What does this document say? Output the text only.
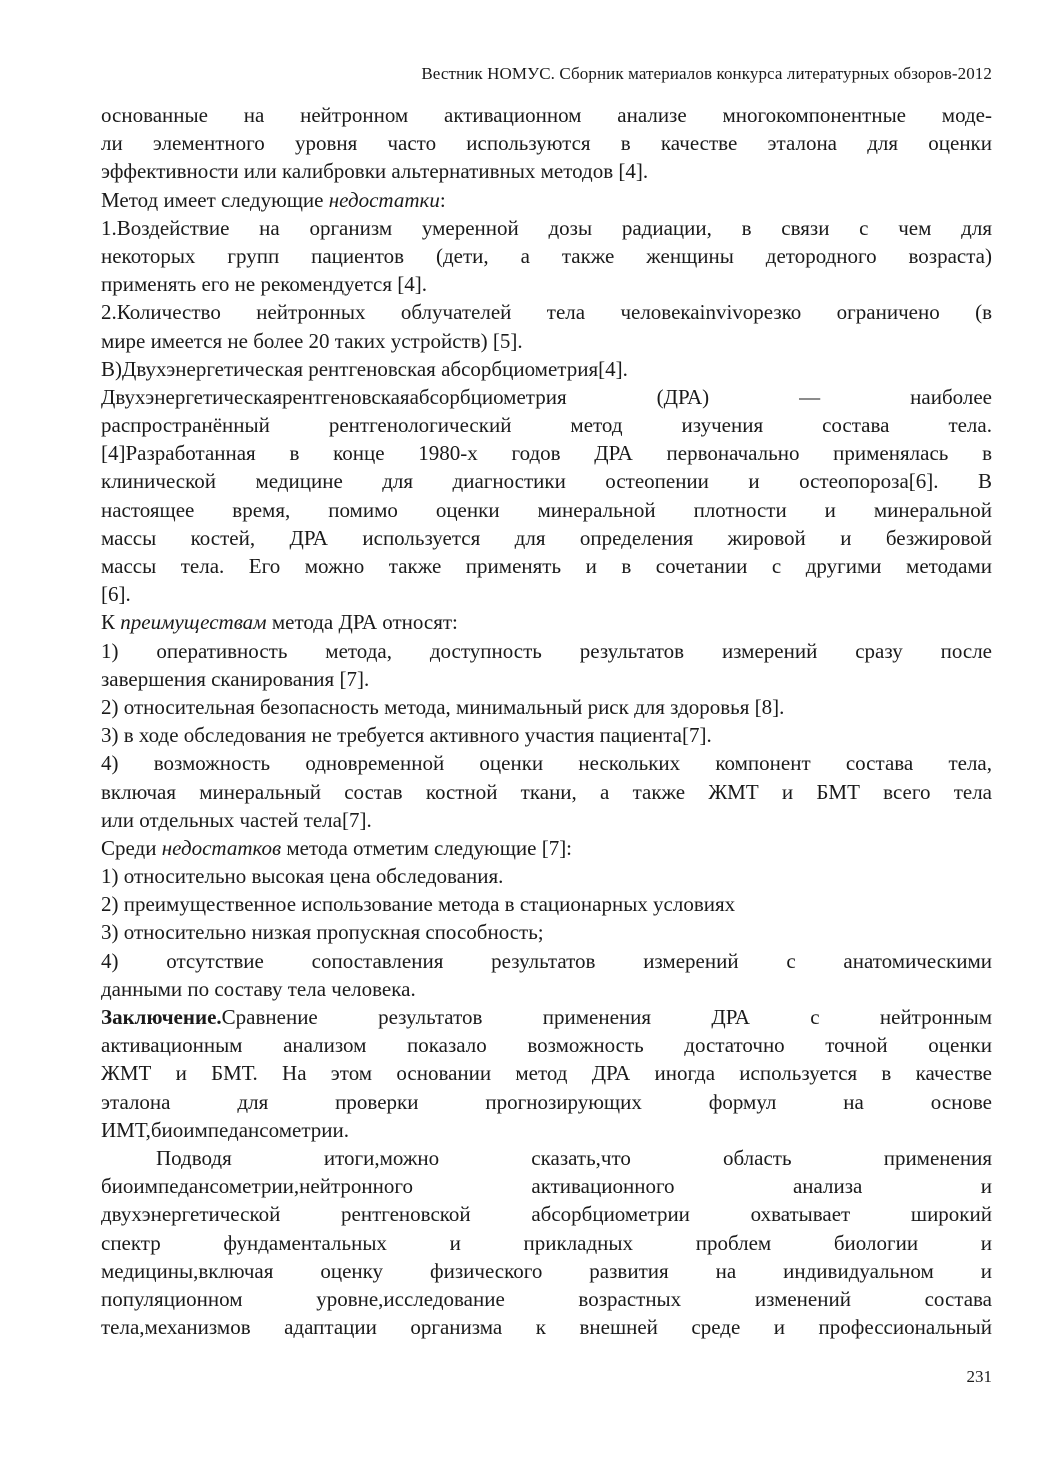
Вестник НОМУС. Сборник материалов конкурса литературных обзоров-2012
основанные на нейтронном активационном анализе многокомпонентные моде-
ли элементного уровня часто используются в качестве эталона для оценки
эффективности или калибровки альтернативных методов [4].
Метод имеет следующие недостатки:
1.Воздействие на организм умеренной дозы радиации, в связи с чем для
некоторых групп пациентов (дети, а также женщины детородного возраста)
применять его не рекомендуется [4].
2.Количество нейтронных облучателей тела человекаinvivoрезко ограничено (в
мире имеется не более 20 таких устройств) [5].
В)Двухэнергетическая рентгеновская абсорбциометрия[4].
Двухэнергетическаярентгеновскаяабсорбциометрия (ДРА) — наиболее
распространённый рентгенологический метод изучения состава тела.
[4]Разработанная в конце 1980-х годов ДРА первоначально применялась в
клинической медицине для диагностики остеопении и остеопороза[6]. В
настоящее время, помимо оценки минеральной плотности и минеральной
массы костей, ДРА используется для определения жировой и безжировой
массы тела. Его можно также применять и в сочетании с другими методами
[6].
К преимуществам метода ДРА относят:
1) оперативность метода, доступность результатов измерений сразу после
завершения сканирования [7].
2) относительная безопасность метода, минимальный риск для здоровья [8].
3) в ходе обследования не требуется активного участия пациента[7].
4) возможность одновременной оценки нескольких компонент состава тела,
включая минеральный состав костной ткани, а также ЖМТ и БМТ всего тела
или отдельных частей тела[7].
Среди недостатков метода отметим следующие [7]:
1) относительно высокая цена обследования.
2) преимущественное использование метода в стационарных условиях
3) относительно низкая пропускная способность;
4) отсутствие сопоставления результатов измерений с анатомическими
данными по составу тела человека.
Заключение.Сравнение результатов применения ДРА с нейтронным
активационным анализом показало возможность достаточно точной оценки
ЖМТ и БМТ. На этом основании метод ДРА иногда используется в качестве
эталона для проверки прогнозирующих формул на основе
ИМТ,биоимпедансометрии.
Подводя итоги,можно сказать,что область применения
биоимпедансометрии,нейтронного активационного анализа и
двухэнергетической рентгеновской абсорбциометрии охватывает широкий
спектр фундаментальных и прикладных проблем биологии и
медицины,включая оценку физического развития на индивидуальном и
популяционном уровне,исследование возрастных изменений состава
тела,механизмов адаптации организма к внешней среде и профессиональный
231
